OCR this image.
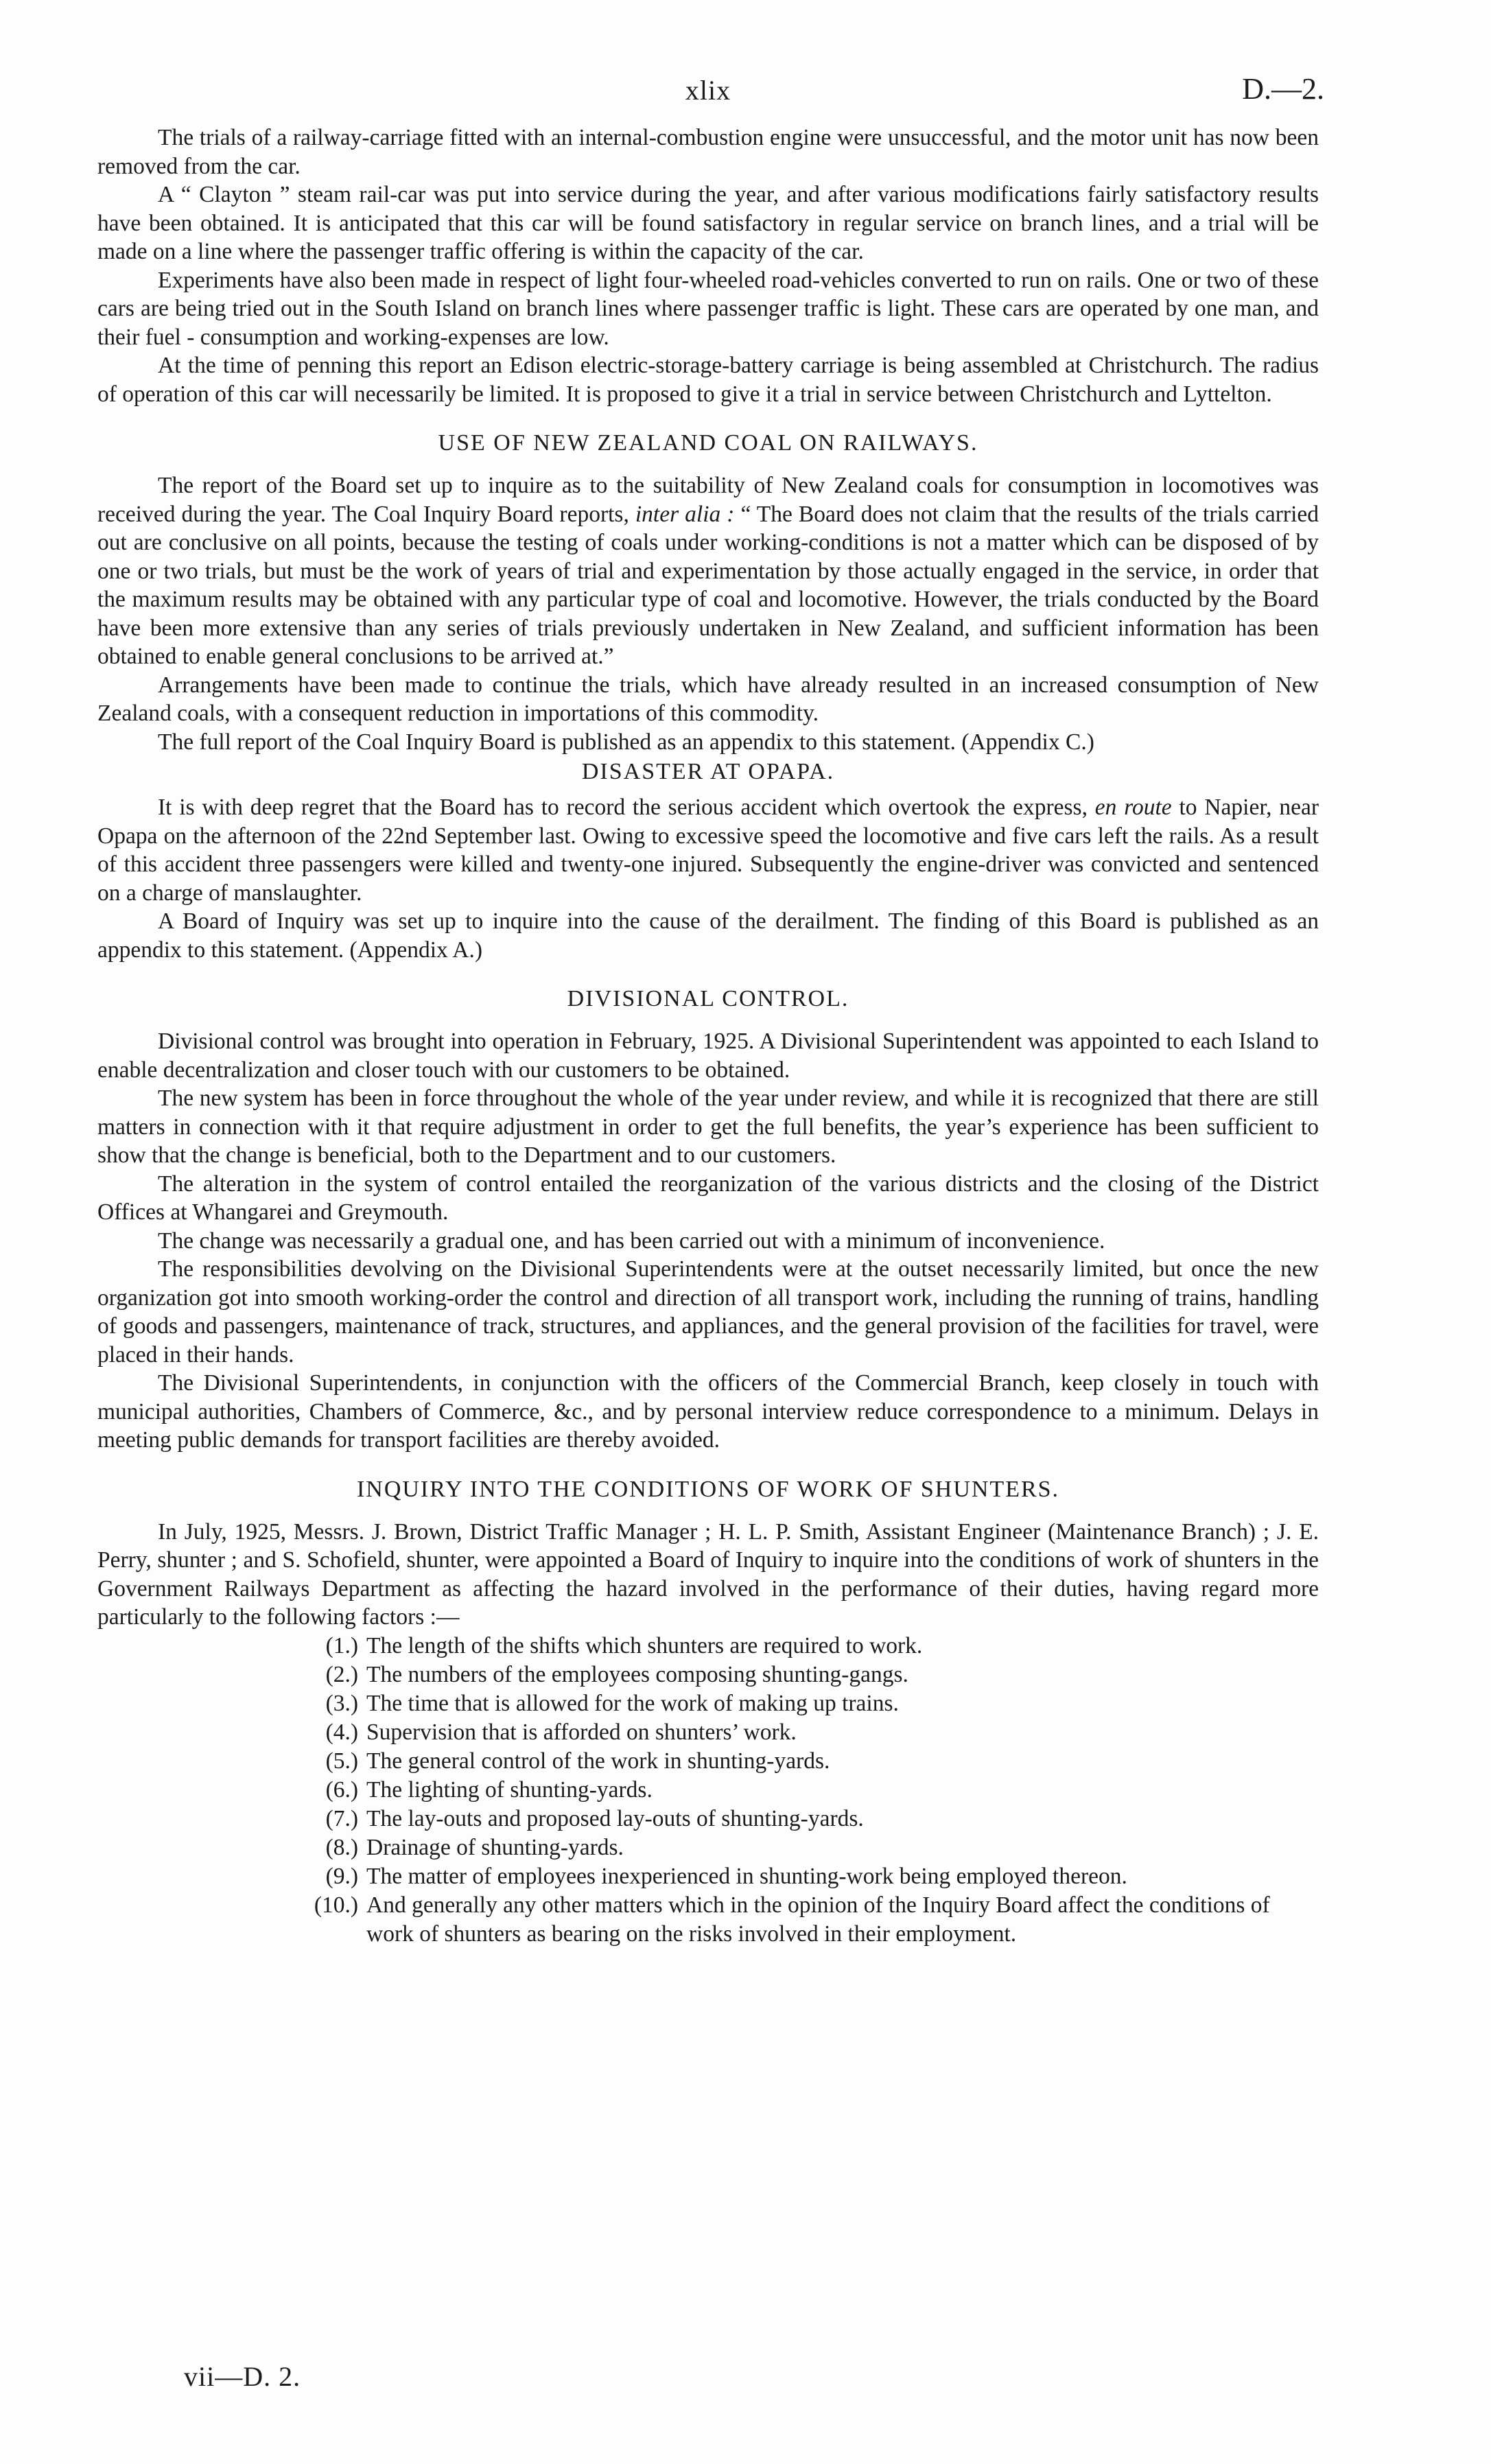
xlix	D.—2.

The trials of a railway-carriage fitted with an internal-combustion engine were unsuccessful, and the motor unit has now been removed from the car.

A “ Clayton ” steam rail-car was put into service during the year, and after various modifications fairly satisfactory results have been obtained. It is anticipated that this car will be found satisfactory in regular service on branch lines, and a trial will be made on a line where the passenger traffic offering is within the capacity of the car.

Experiments have also been made in respect of light four-wheeled road-vehicles converted to run on rails. One or two of these cars are being tried out in the South Island on branch lines where passenger traffic is light. These cars are operated by one man, and their fuel - consumption and working-expenses are low.

At the time of penning this report an Edison electric-storage-battery carriage is being assembled at Christchurch. The radius of operation of this car will necessarily be limited. It is proposed to give it a trial in service between Christchurch and Lyttelton.

USE OF NEW ZEALAND COAL ON RAILWAYS.

The report of the Board set up to inquire as to the suitability of New Zealand coals for consumption in locomotives was received during the year. The Coal Inquiry Board reports, inter alia : “ The Board does not claim that the results of the trials carried out are conclusive on all points, because the testing of coals under working-conditions is not a matter which can be disposed of by one or two trials, but must be the work of years of trial and experimentation by those actually engaged in the service, in order that the maximum results may be obtained with any particular type of coal and locomotive. However, the trials conducted by the Board have been more extensive than any series of trials previously undertaken in New Zealand, and sufficient information has been obtained to enable general conclusions to be arrived at.”

Arrangements have been made to continue the trials, which have already resulted in an increased consumption of New Zealand coals, with a consequent reduction in importations of this commodity.

The full report of the Coal Inquiry Board is published as an appendix to this statement. (Appendix C.)

DISASTER AT OPAPA.

It is with deep regret that the Board has to record the serious accident which overtook the express, en route to Napier, near Opapa on the afternoon of the 22nd September last. Owing to excessive speed the locomotive and five cars left the rails. As a result of this accident three passengers were killed and twenty-one injured. Subsequently the engine-driver was convicted and sentenced on a charge of manslaughter.

A Board of Inquiry was set up to inquire into the cause of the derailment. The finding of this Board is published as an appendix to this statement. (Appendix A.)

DIVISIONAL CONTROL.

Divisional control was brought into operation in February, 1925. A Divisional Superintendent was appointed to each Island to enable decentralization and closer touch with our customers to be obtained.

The new system has been in force throughout the whole of the year under review, and while it is recognized that there are still matters in connection with it that require adjustment in order to get the full benefits, the year’s experience has been sufficient to show that the change is beneficial, both to the Department and to our customers.

The alteration in the system of control entailed the reorganization of the various districts and the closing of the District Offices at Whangarei and Greymouth.

The change was necessarily a gradual one, and has been carried out with a minimum of inconvenience.

The responsibilities devolving on the Divisional Superintendents were at the outset necessarily limited, but once the new organization got into smooth working-order the control and direction of all transport work, including the running of trains, handling of goods and passengers, maintenance of track, structures, and appliances, and the general provision of the facilities for travel, were placed in their hands.

The Divisional Superintendents, in conjunction with the officers of the Commercial Branch, keep closely in touch with municipal authorities, Chambers of Commerce, &c., and by personal interview reduce correspondence to a minimum. Delays in meeting public demands for transport facilities are thereby avoided.

INQUIRY INTO THE CONDITIONS OF WORK OF SHUNTERS.

In July, 1925, Messrs. J. Brown, District Traffic Manager ; H. L. P. Smith, Assistant Engineer (Maintenance Branch) ; J. E. Perry, shunter ; and S. Schofield, shunter, were appointed a Board of Inquiry to inquire into the conditions of work of shunters in the Government Railways Department as affecting the hazard involved in the performance of their duties, having regard more particularly to the following factors :—

(1.) The length of the shifts which shunters are required to work.
(2.) The numbers of the employees composing shunting-gangs.
(3.) The time that is allowed for the work of making up trains.
(4.) Supervision that is afforded on shunters’ work.
(5.) The general control of the work in shunting-yards.
(6.) The lighting of shunting-yards.
(7.) The lay-outs and proposed lay-outs of shunting-yards.
(8.) Drainage of shunting-yards.
(9.) The matter of employees inexperienced in shunting-work being employed thereon.
(10.) And generally any other matters which in the opinion of the Inquiry Board affect the conditions of work of shunters as bearing on the risks involved in their employment.
vii—D. 2.
